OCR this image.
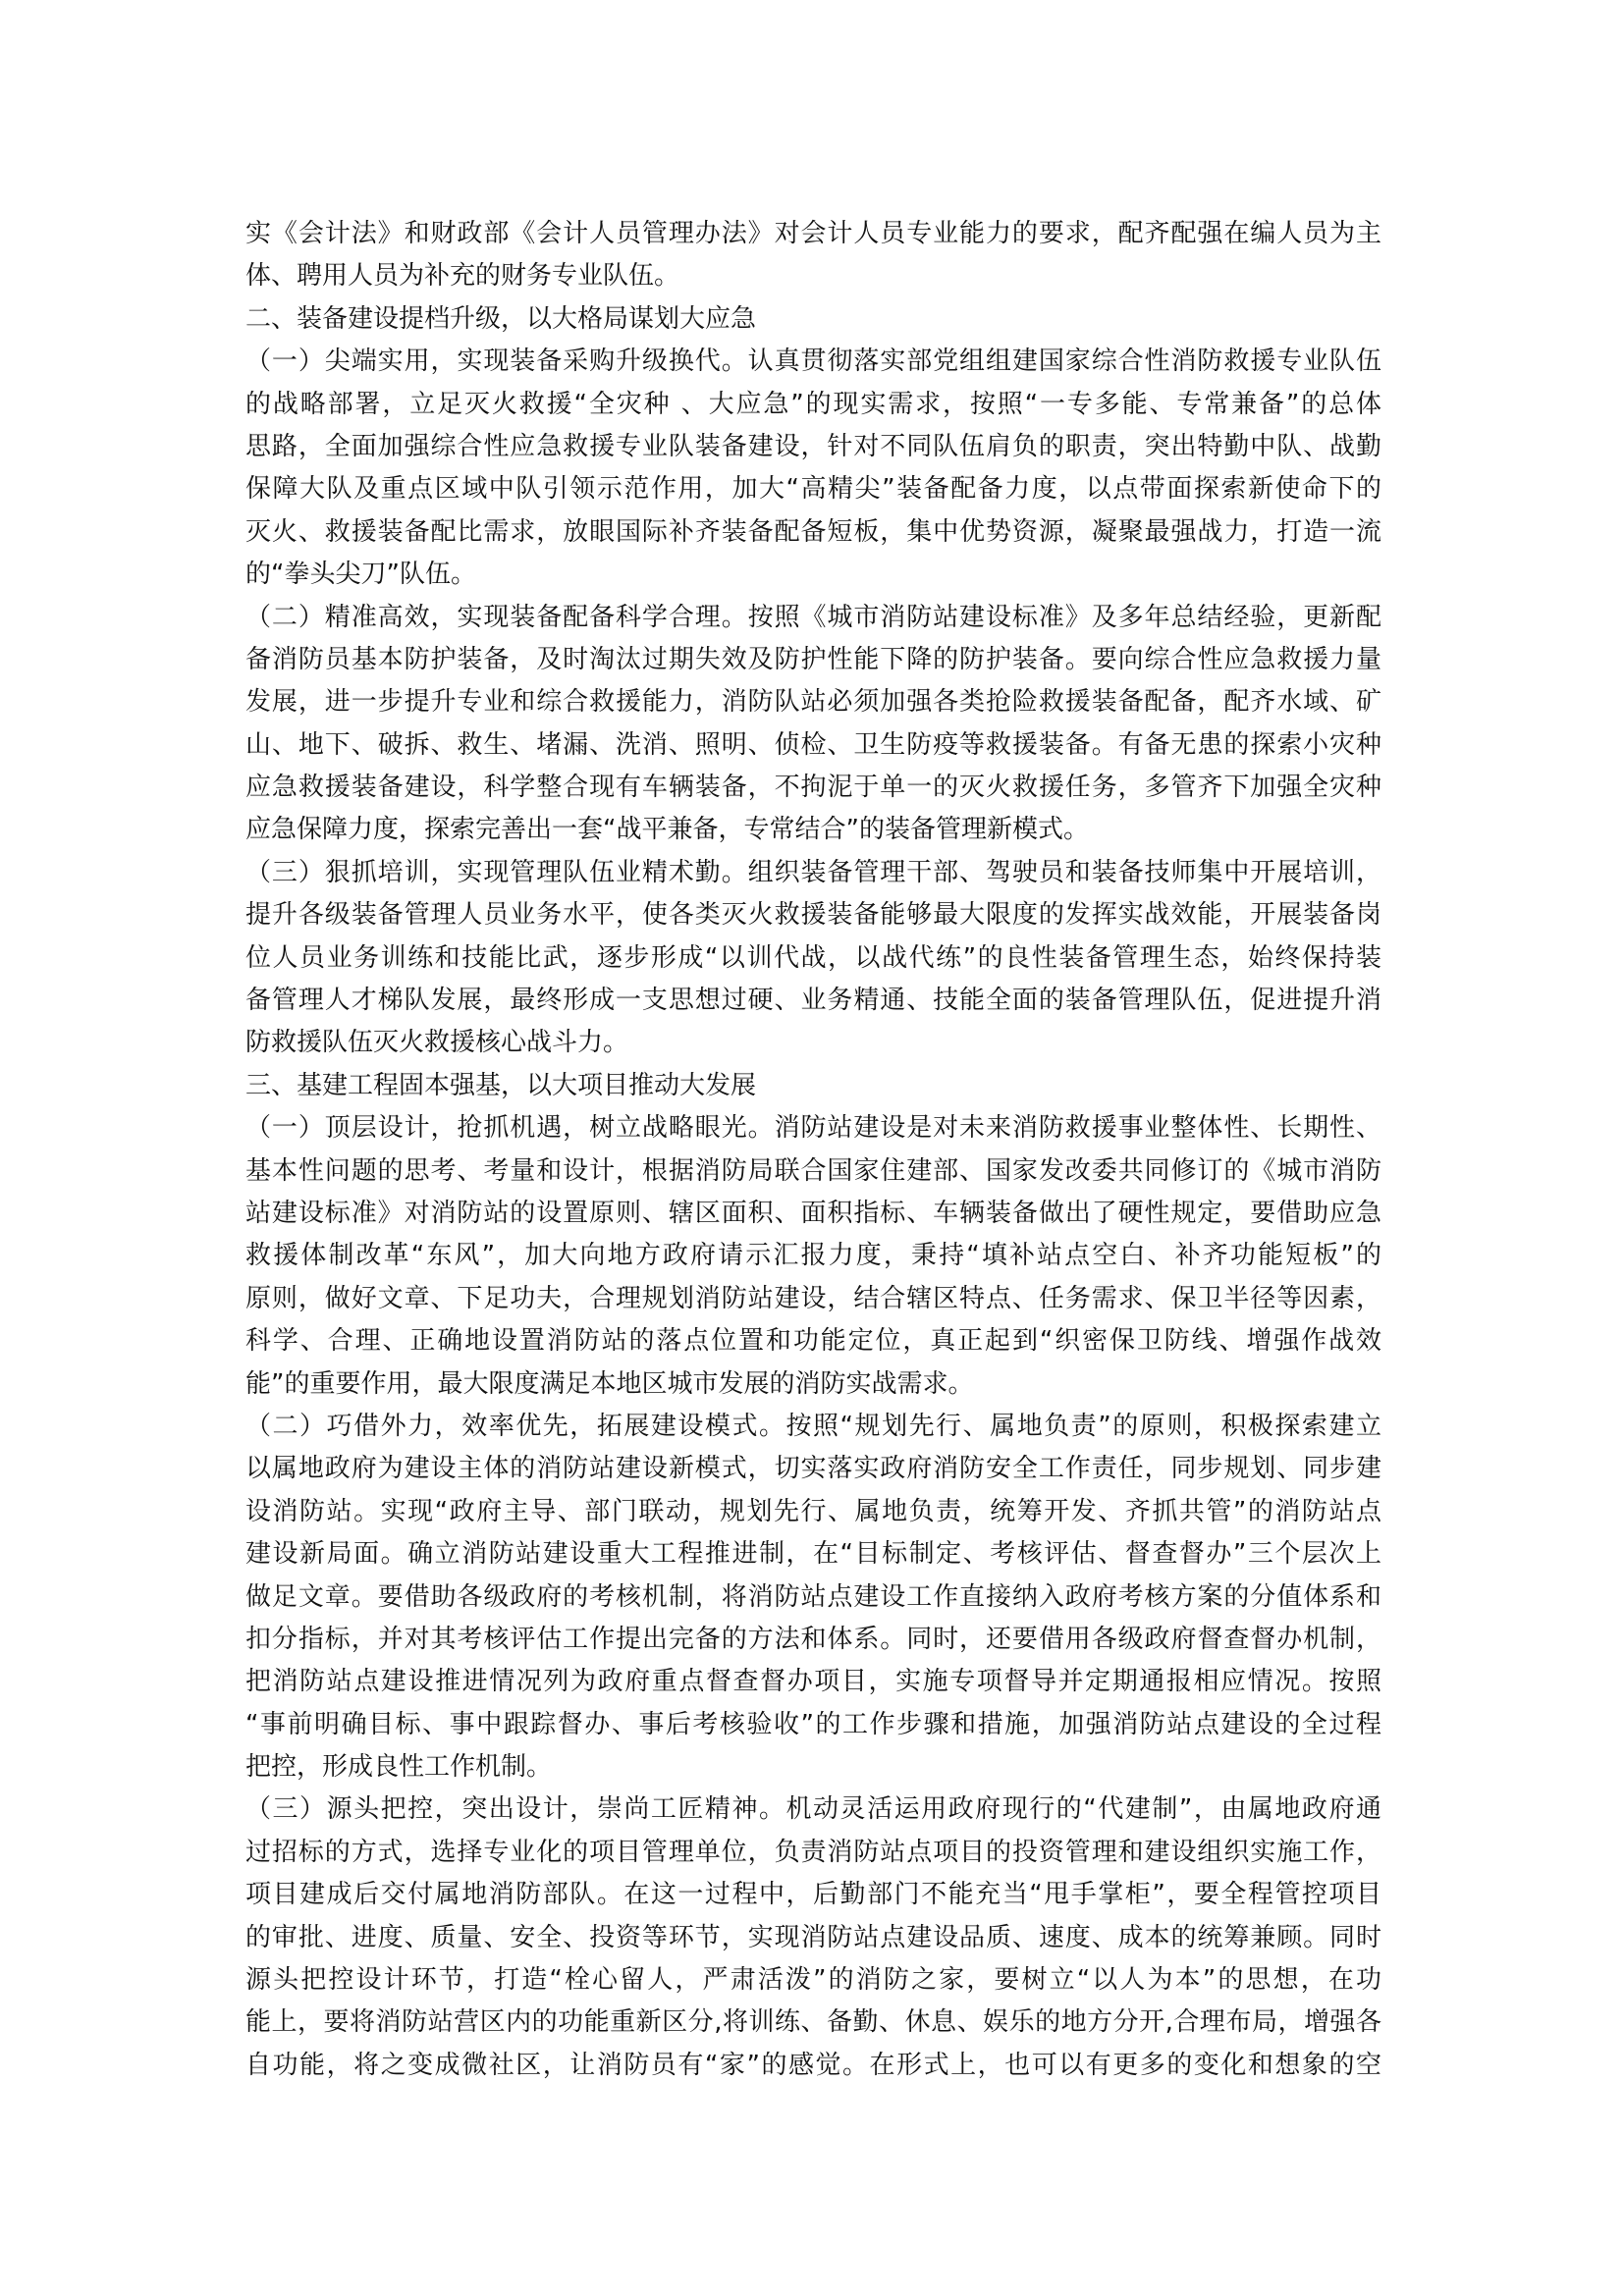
实《会计法》和财政部《会计人员管理办法》对会计人员专业能力的要求，配齐配强在编人员为主
体、聘用人员为补充的财务专业队伍。
二、装备建设提档升级，以大格局谋划大应急
（一）尖端实用，实现装备采购升级换代。认真贯彻落实部党组组建国家综合性消防救援专业队伍
的战略部署，立足灭火救援“全灾种 、大应急”的现实需求，按照“一专多能、专常兼备”的总体
思路，全面加强综合性应急救援专业队装备建设，针对不同队伍肩负的职责，突出特勤中队、战勤
保障大队及重点区域中队引领示范作用，加大“高精尖”装备配备力度，以点带面探索新使命下的
灭火、救援装备配比需求，放眼国际补齐装备配备短板，集中优势资源，凝聚最强战力，打造一流
的“拳头尖刀”队伍。
（二）精准高效，实现装备配备科学合理。按照《城市消防站建设标准》及多年总结经验，更新配
备消防员基本防护装备，及时淘汰过期失效及防护性能下降的防护装备。要向综合性应急救援力量
发展，进一步提升专业和综合救援能力，消防队站必须加强各类抢险救援装备配备，配齐水域、矿
山、地下、破拆、救生、堵漏、洗消、照明、侦检、卫生防疫等救援装备。有备无患的探索小灾种
应急救援装备建设，科学整合现有车辆装备，不拘泥于单一的灭火救援任务，多管齐下加强全灾种
应急保障力度，探索完善出一套“战平兼备，专常结合”的装备管理新模式。
（三）狠抓培训，实现管理队伍业精术勤。组织装备管理干部、驾驶员和装备技师集中开展培训，
提升各级装备管理人员业务水平，使各类灭火救援装备能够最大限度的发挥实战效能，开展装备岗
位人员业务训练和技能比武，逐步形成“以训代战，以战代练”的良性装备管理生态，始终保持装
备管理人才梯队发展，最终形成一支思想过硬、业务精通、技能全面的装备管理队伍，促进提升消
防救援队伍灭火救援核心战斗力。
三、基建工程固本强基，以大项目推动大发展
（一）顶层设计，抢抓机遇，树立战略眼光。消防站建设是对未来消防救援事业整体性、长期性、
基本性问题的思考、考量和设计，根据消防局联合国家住建部、国家发改委共同修订的《城市消防
站建设标准》对消防站的设置原则、辖区面积、面积指标、车辆装备做出了硬性规定，要借助应急
救援体制改革“东风”，加大向地方政府请示汇报力度，秉持“填补站点空白、补齐功能短板”的
原则，做好文章、下足功夫，合理规划消防站建设，结合辖区特点、任务需求、保卫半径等因素，
科学、合理、正确地设置消防站的落点位置和功能定位，真正起到“织密保卫防线、增强作战效
能”的重要作用，最大限度满足本地区城市发展的消防实战需求。
（二）巧借外力，效率优先，拓展建设模式。按照“规划先行、属地负责”的原则，积极探索建立
以属地政府为建设主体的消防站建设新模式，切实落实政府消防安全工作责任，同步规划、同步建
设消防站。实现“政府主导、部门联动，规划先行、属地负责，统筹开发、齐抓共管”的消防站点
建设新局面。确立消防站建设重大工程推进制，在“目标制定、考核评估、督查督办”三个层次上
做足文章。要借助各级政府的考核机制，将消防站点建设工作直接纳入政府考核方案的分值体系和
扣分指标，并对其考核评估工作提出完备的方法和体系。同时，还要借用各级政府督查督办机制，
把消防站点建设推进情况列为政府重点督查督办项目，实施专项督导并定期通报相应情况。按照
“事前明确目标、事中跟踪督办、事后考核验收”的工作步骤和措施，加强消防站点建设的全过程
把控，形成良性工作机制。
（三）源头把控，突出设计，崇尚工匠精神。机动灵活运用政府现行的“代建制”，由属地政府通
过招标的方式，选择专业化的项目管理单位，负责消防站点项目的投资管理和建设组织实施工作，
项目建成后交付属地消防部队。在这一过程中，后勤部门不能充当“甩手掌柜”，要全程管控项目
的审批、进度、质量、安全、投资等环节，实现消防站点建设品质、速度、成本的统筹兼顾。同时
源头把控设计环节，打造“栓心留人，严肃活泼”的消防之家，要树立“以人为本”的思想，在功
能上，要将消防站营区内的功能重新区分,将训练、备勤、休息、娱乐的地方分开,合理布局，增强各
自功能，将之变成微社区，让消防员有“家”的感觉。在形式上，也可以有更多的变化和想象的空
